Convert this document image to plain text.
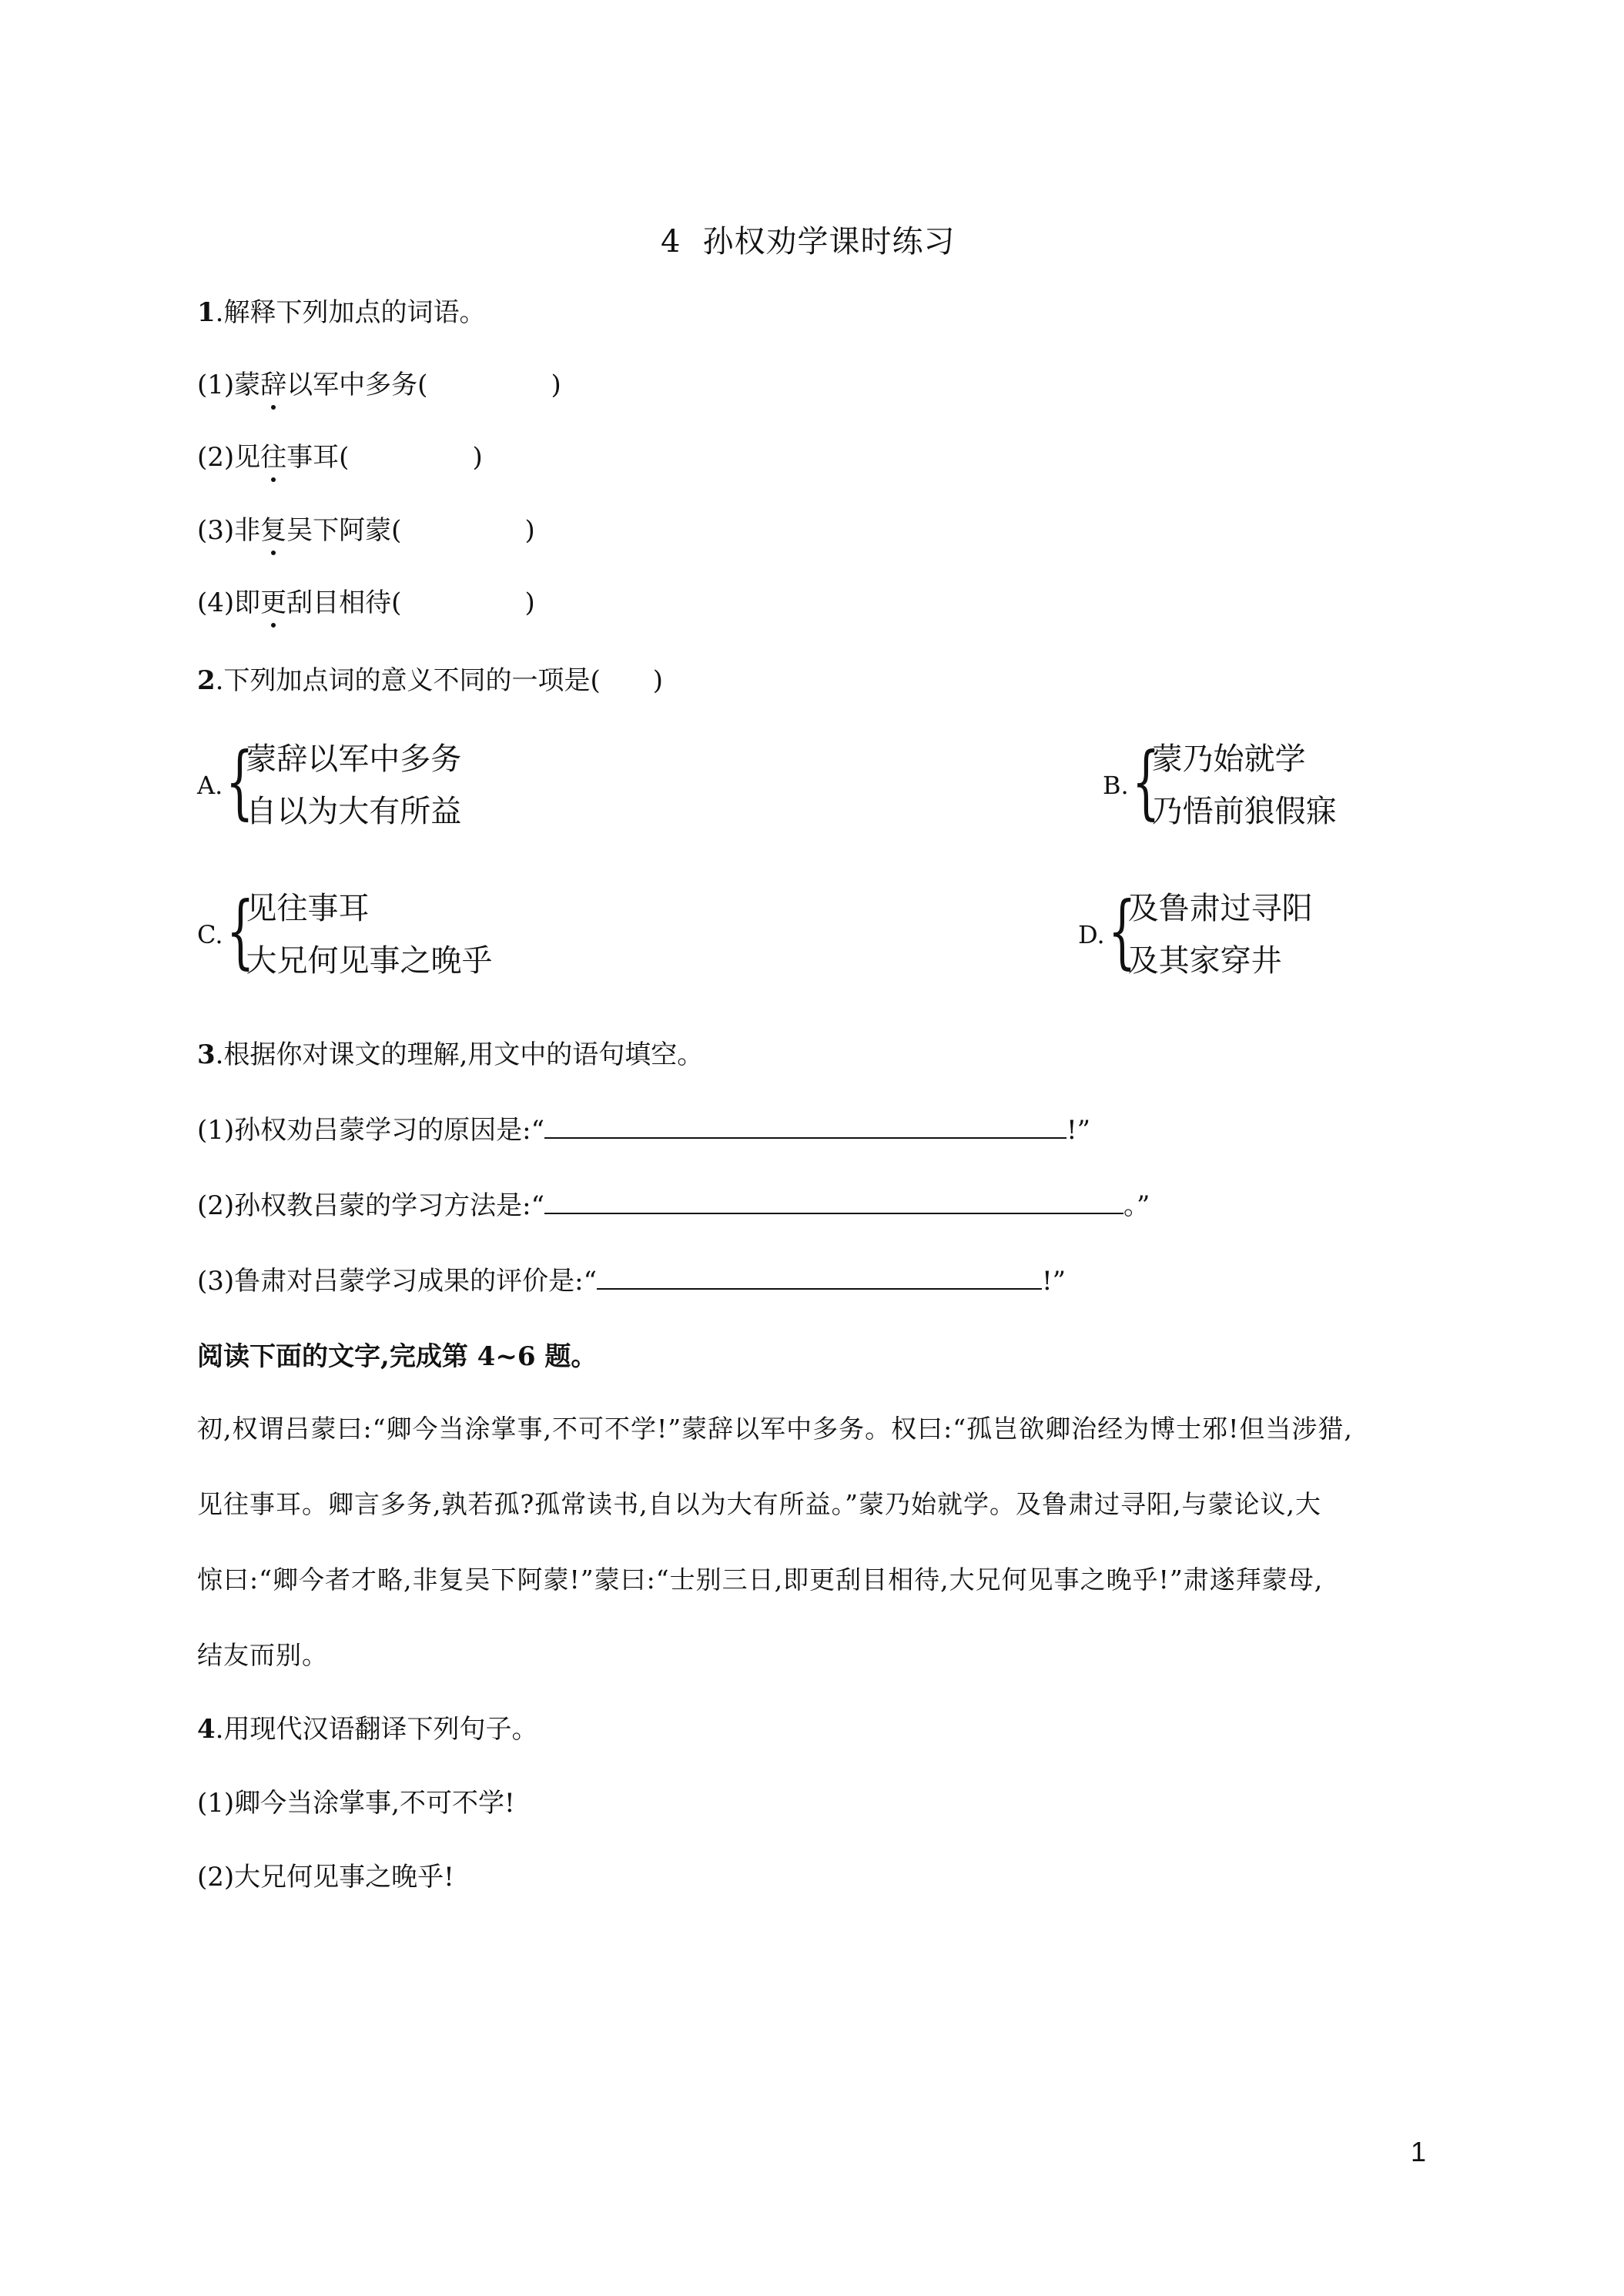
4 孙权劝学课时练习
1.解释下列加点的词语。
(1)蒙辞以军中多务(	)
(2)见往事耳(	)
(3)非复吴下阿蒙(	)
(4)即更刮目相待(	)
2.下列加点词的意义不同的一项是(　　)
A. {
蒙辞以军中多务
自以为大有所益
B. {
蒙乃始就学
乃悟前狼假寐
C. {
见往事耳
大兄何见事之晚乎
D. {
及鲁肃过寻阳
及其家穿井
3.根据你对课文的理解,用文中的语句填空。
(1)孙权劝吕蒙学习的原因是:“	!”
(2)孙权教吕蒙的学习方法是:“	。”
(3)鲁肃对吕蒙学习成果的评价是:“	!”
阅读下面的文字,完成第 4~6 题。
初,权谓吕蒙曰:“卿今当涂掌事,不可不学!”蒙辞以军中多务。权曰:“孤岂欲卿治经为博士邪!但当涉猎,
见往事耳。卿言多务,孰若孤?孤常读书,自以为大有所益。”蒙乃始就学。及鲁肃过寻阳,与蒙论议,大
惊曰:“卿今者才略,非复吴下阿蒙!”蒙曰:“士别三日,即更刮目相待,大兄何见事之晚乎!”肃遂拜蒙母,
结友而别。
4.用现代汉语翻译下列句子。
(1)卿今当涂掌事,不可不学!
(2)大兄何见事之晚乎!
1
